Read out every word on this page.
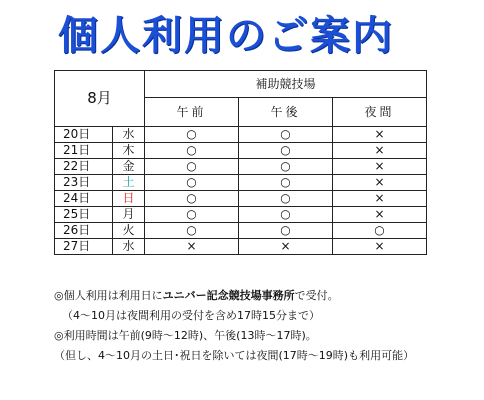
個人利用のご案内
8月		補助競技場		
		午前	午後	夜間
20日	水	○	○	×
21日	木	○	○	×
22日	金	○	○	×
23日	土	○	○	×
24日	日	○	○	×
25日	月	○	○	×
26日	火	○	○	○
27日	水	×	×	×
◎個人利用は利用日にユニバー記念競技場事務所で受付。
（4～10月は夜間利用の受付を含め17時15分まで）
◎利用時間は午前(9時～12時)、午後(13時～17時)。
（但し、4～10月の土日･祝日を除いては夜間(17時～19時)も利用可能）
